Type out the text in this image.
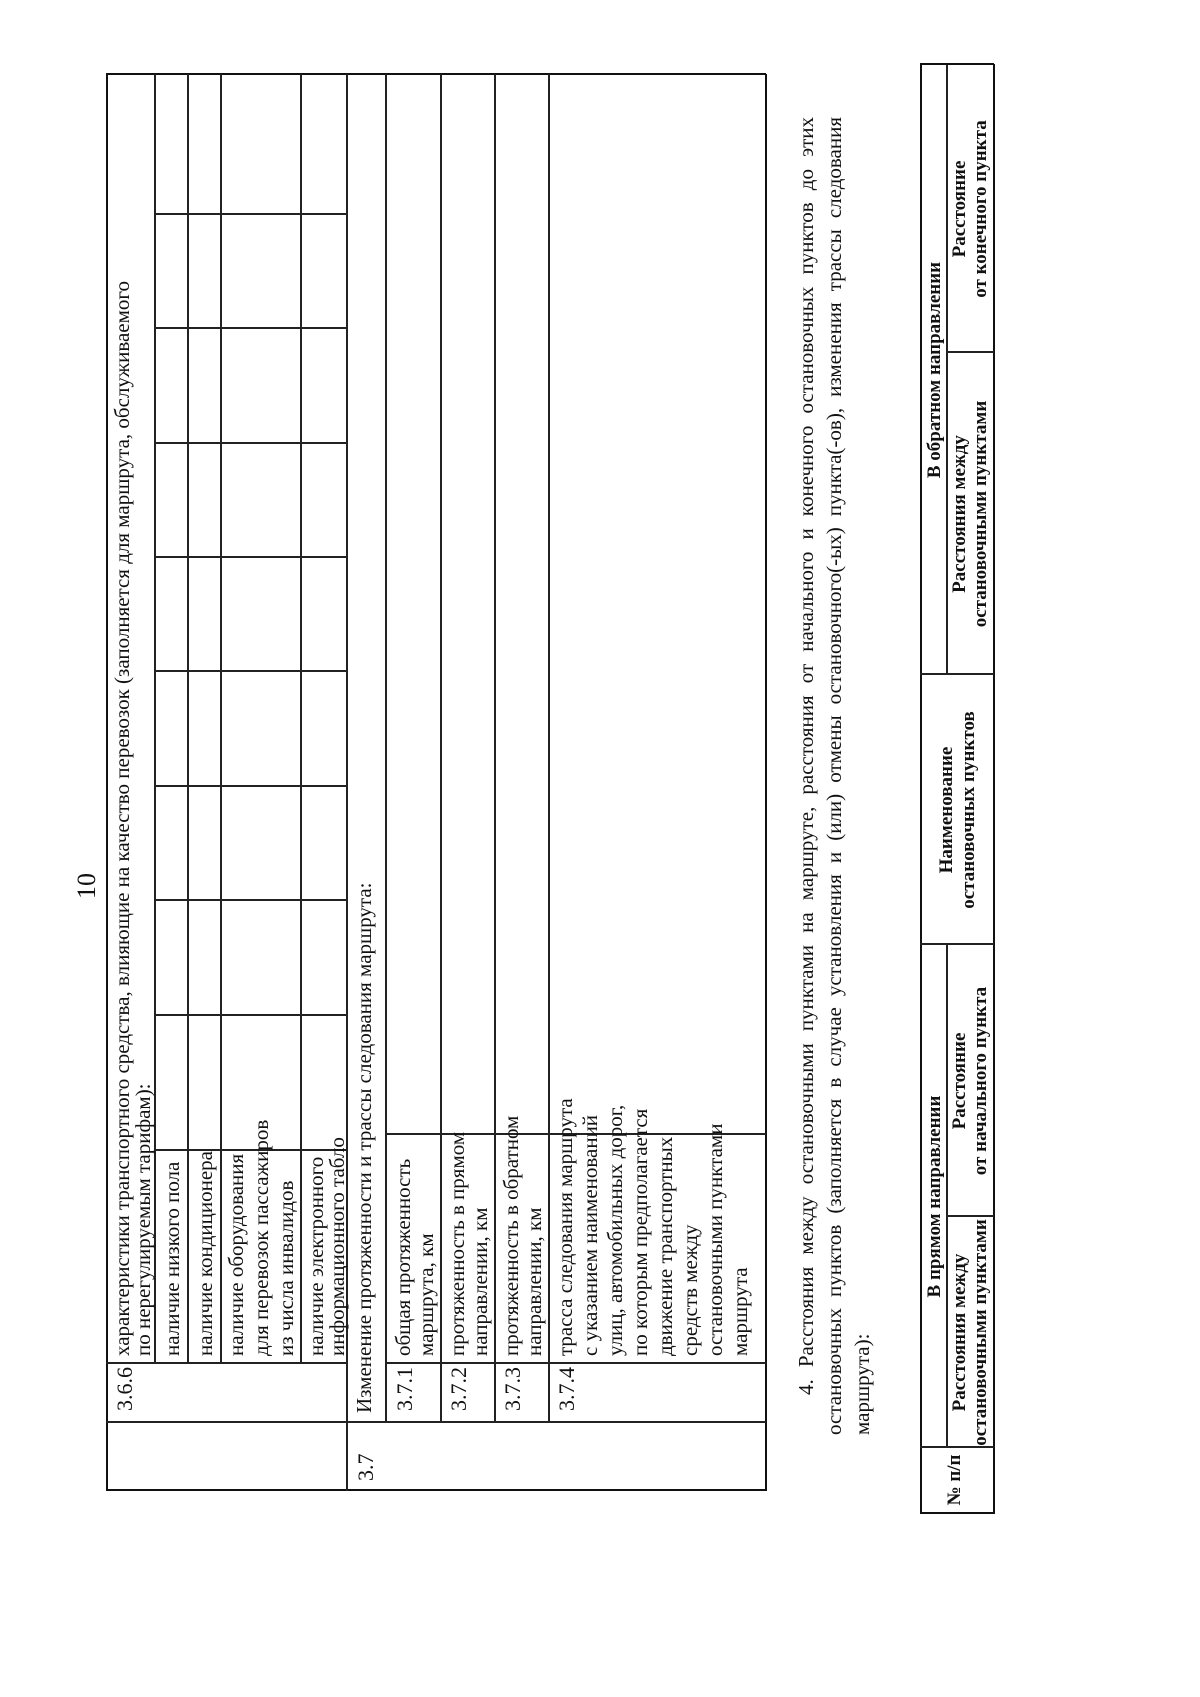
10
3.6.6
характеристики транспортного средства, влияющие на качество перевозок (заполняется для маршрута, обслуживаемого
по нерегулируемым тарифам): наличие низкого пола наличие кондиционера наличие оборудования для перевозок пассажиров из числа инвалидов наличие электронного
информационного табло
3.7
Изменение протяженности и трассы следования маршрута: 3.7.1
общая протяженность маршрута, км
3.7.2
протяженность в прямом направлении, км
3.7.3
протяженность в обратном направлении, км
3.7.4
трасса следования маршрута с указанием наименований улиц, автомобильных дорог, по которым предполагается движение транспортных средств между остановочными пунктами маршрута 4. Расстояния между остановочными пунктами на маршруте, расстояния от начального и конечного остановочных пунктов до этих остановочных пунктов (заполняется в случае установления и (или) отмены остановочного(-ых) пункта(-ов), изменения трассы следования маршрута):
№ п/п
В прямом направлении
Расстояния между остановочными пунктами
Расстояние от начального пункта
Наименование остановочных пунктов
В обратном направлении
Расстояния между остановочными пунктами
Расстояние от конечного пункта
